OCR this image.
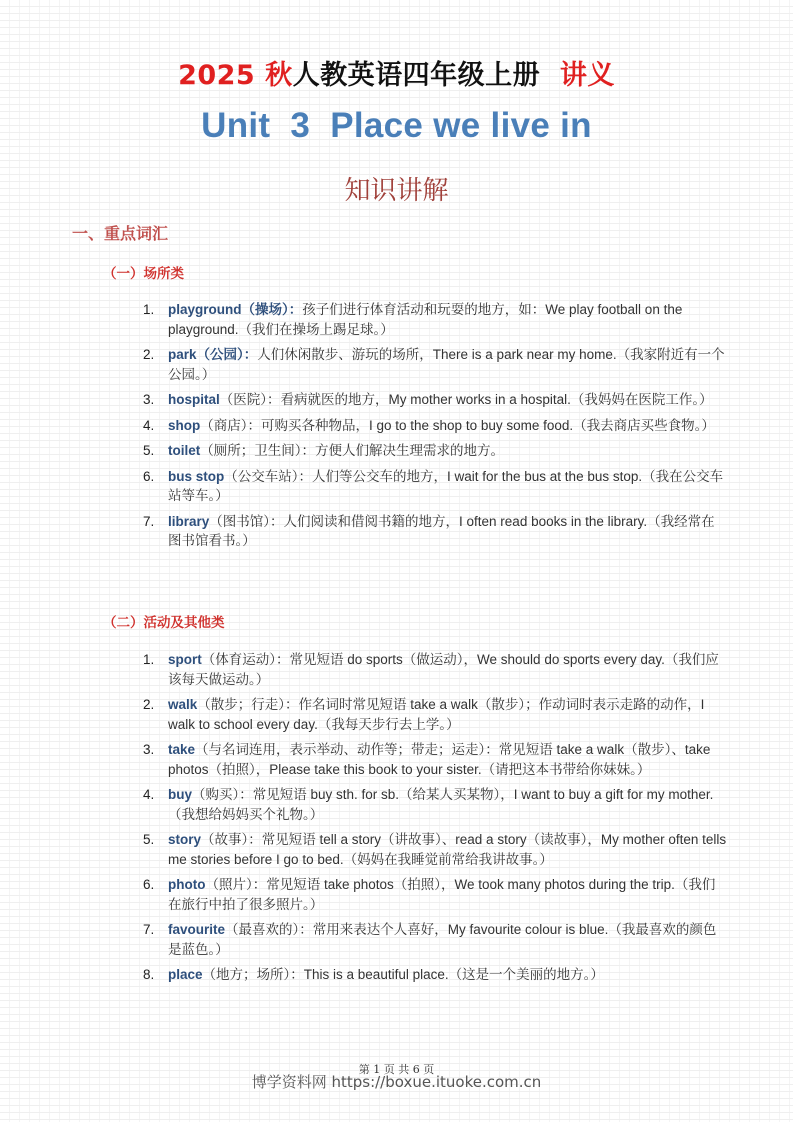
2025 秋人教英语四年级上册 讲义
Unit  3  Place we live in
知识讲解
一、重点词汇
（一）场所类
1. playground（操场）：孩子们进行体育活动和玩耍的地方，如：We play football on the playground.（我们在操场上踢足球。）
2. park（公园）：人们休闲散步、游玩的场所，There is a park near my home.（我家附近有一个公园。）
3. hospital（医院）：看病就医的地方，My mother works in a hospital.（我妈妈在医院工作。）
4. shop（商店）：可购买各种物品，I go to the shop to buy some food.（我去商店买些食物。）
5. toilet（厕所；卫生间）：方便人们解决生理需求的地方。
6. bus stop（公交车站）：人们等公交车的地方，I wait for the bus at the bus stop.（我在公交车站等车。）
7. library（图书馆）：人们阅读和借阅书籍的地方，I often read books in the library.（我经常在图书馆看书。）
（二）活动及其他类
1. sport（体育运动）：常见短语 do sports（做运动），We should do sports every day.（我们应该每天做运动。）
2. walk（散步；行走）：作名词时常见短语 take a walk（散步）；作动词时表示走路的动作，I walk to school every day.（我每天步行去上学。）
3. take（与名词连用，表示举动、动作等；带走；运走）：常见短语 take a walk（散步）、take photos（拍照），Please take this book to your sister.（请把这本书带给你妹妹。）
4. buy（购买）：常见短语 buy sth. for sb.（给某人买某物），I want to buy a gift for my mother.（我想给妈妈买个礼物。）
5. story（故事）：常见短语 tell a story（讲故事）、read a story（读故事），My mother often tells me stories before I go to bed.（妈妈在我睡觉前常给我讲故事。）
6. photo（照片）：常见短语 take photos（拍照），We took many photos during the trip.（我们在旅行中拍了很多照片。）
7. favourite（最喜欢的）：常用来表达个人喜好，My favourite colour is blue.（我最喜欢的颜色是蓝色。）
8. place（地方；场所）：This is a beautiful place.（这是一个美丽的地方。）
第 1 页 共 6 页
博学资料网 https://boxue.ituoke.com.cn
